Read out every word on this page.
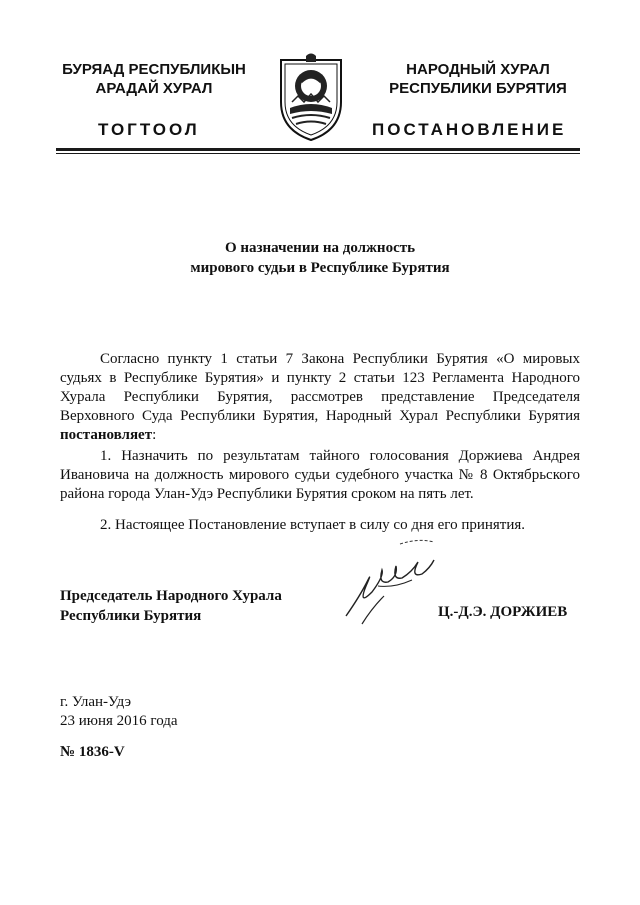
БУРЯАД РЕСПУБЛИКЫН
АРАДАЙ ХУРАЛ
ТОГТООЛ
НАРОДНЫЙ ХУРАЛ
РЕСПУБЛИКИ БУРЯТИЯ
ПОСТАНОВЛЕНИЕ
О назначении на должность
мирового судьи в Республике Бурятия

Согласно пункту 1 статьи 7 Закона Республики Бурятия «О мировых судьях в Республике Бурятия» и пункту 2 статьи 123 Регламента Народного Хурала Республики Бурятия, рассмотрев представление Председателя Верховного Суда Республики Бурятия, Народный Хурал Республики Бурятия постановляет:

1. Назначить по результатам тайного голосования Доржиева Андрея Ивановича на должность мирового судьи судебного участка № 8 Октябрьского района города Улан-Удэ Республики Бурятия сроком на пять лет.

2. Настоящее Постановление вступает в силу со дня его принятия.

Председатель Народного Хурала
Республики Бурятия	Ц.-Д.Э. ДОРЖИЕВ
г. Улан-Удэ
23 июня 2016 года
№ 1836-V
